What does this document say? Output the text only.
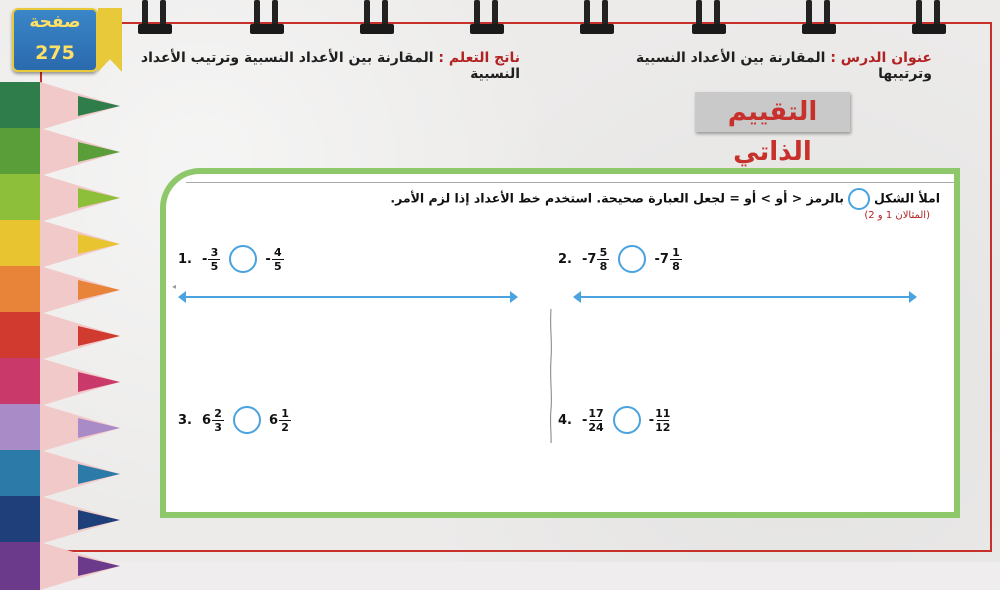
صفحة
275	عنوان الدرس : المقارنة بين الأعداد النسبية وترتيبها
ناتج التعلم : المقارنة بين الأعداد النسبية وترتيب الأعداد النسبية
التقييم الذاتي
املأ الشكلبالرمز < أو > أو = لجعل العبارة صحيحة. استخدم خط الأعداد إذا لزم الأمر.
(المثالان 1 و 2)
◂
1. - $\frac{3}{5}$	- $\frac{4}{5}$	2. - $7 \frac{5}{8}$	- $7 \frac{1}{8}$
3. $6 \frac{2}{3}$	$6 \frac{1}{2}$	4. - $\frac{17}{24}$	- $\frac{11}{12}$
